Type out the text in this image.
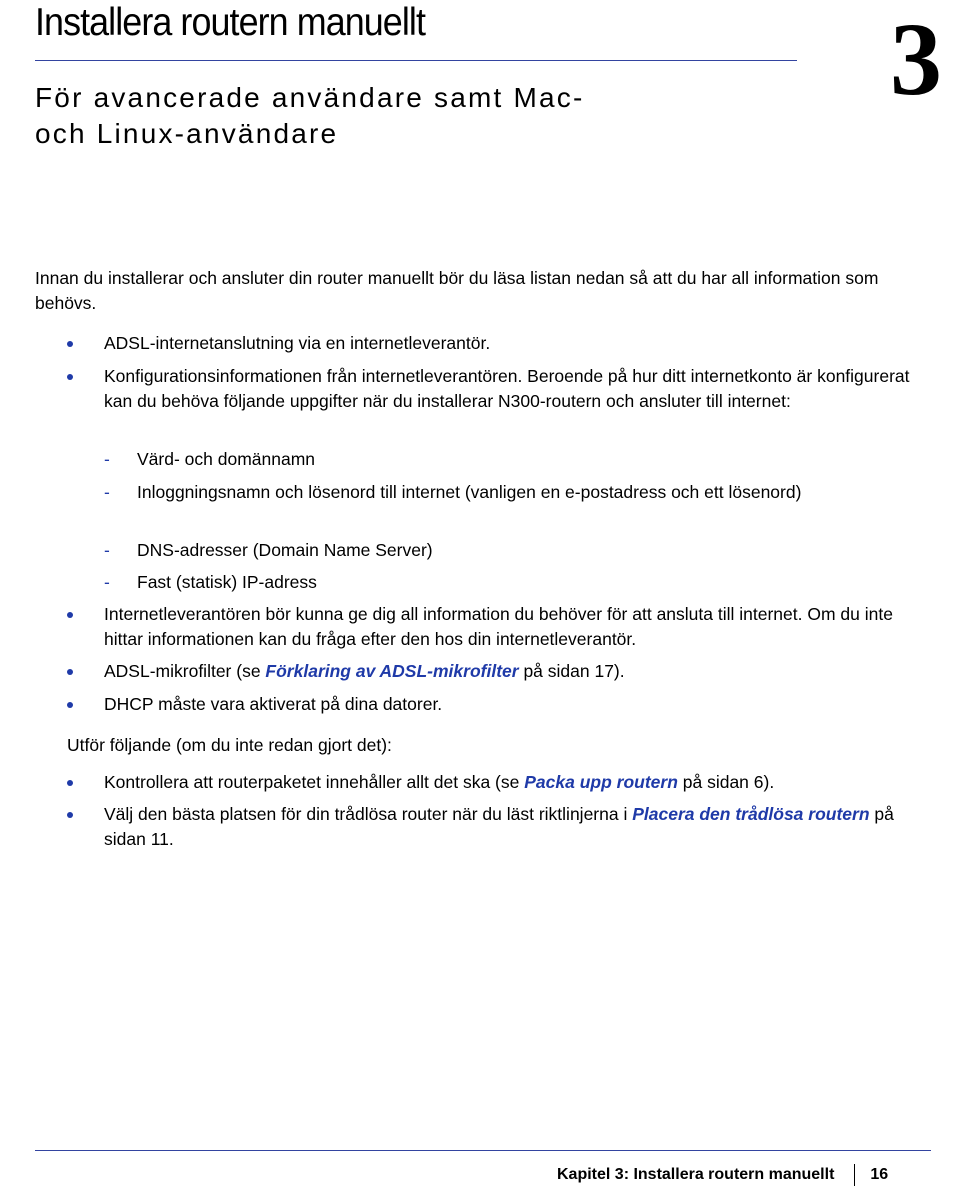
Installera routern manuellt	3
För avancerade användare samt Mac-
och Linux-användare

Innan du installerar och ansluter din router manuellt bör du läsa listan nedan så att du har all information som behövs.

ADSL-internetanslutning via en internetleverantör.
Konfigurationsinformationen från internetleverantören. Beroende på hur ditt internetkonto är konfigurerat kan du behöva följande uppgifter när du installerar N300-routern och ansluter till internet:
- Värd- och domännamn
- Inloggningsnamn och lösenord till internet (vanligen en e-postadress och ett lösenord)
- DNS-adresser (Domain Name Server)
- Fast (statisk) IP-adress
Internetleverantören bör kunna ge dig all information du behöver för att ansluta till internet. Om du inte hittar informationen kan du fråga efter den hos din internetleverantör.
ADSL-mikrofilter (se Förklaring av ADSL-mikrofilter på sidan 17).
DHCP måste vara aktiverat på dina datorer.

Utför följande (om du inte redan gjort det):

Kontrollera att routerpaketet innehåller allt det ska (se Packa upp routern på sidan 6).
Välj den bästa platsen för din trådlösa router när du läst riktlinjerna i Placera den trådlösa routern på sidan 11.
Kapitel 3: Installera routern manuellt 16
